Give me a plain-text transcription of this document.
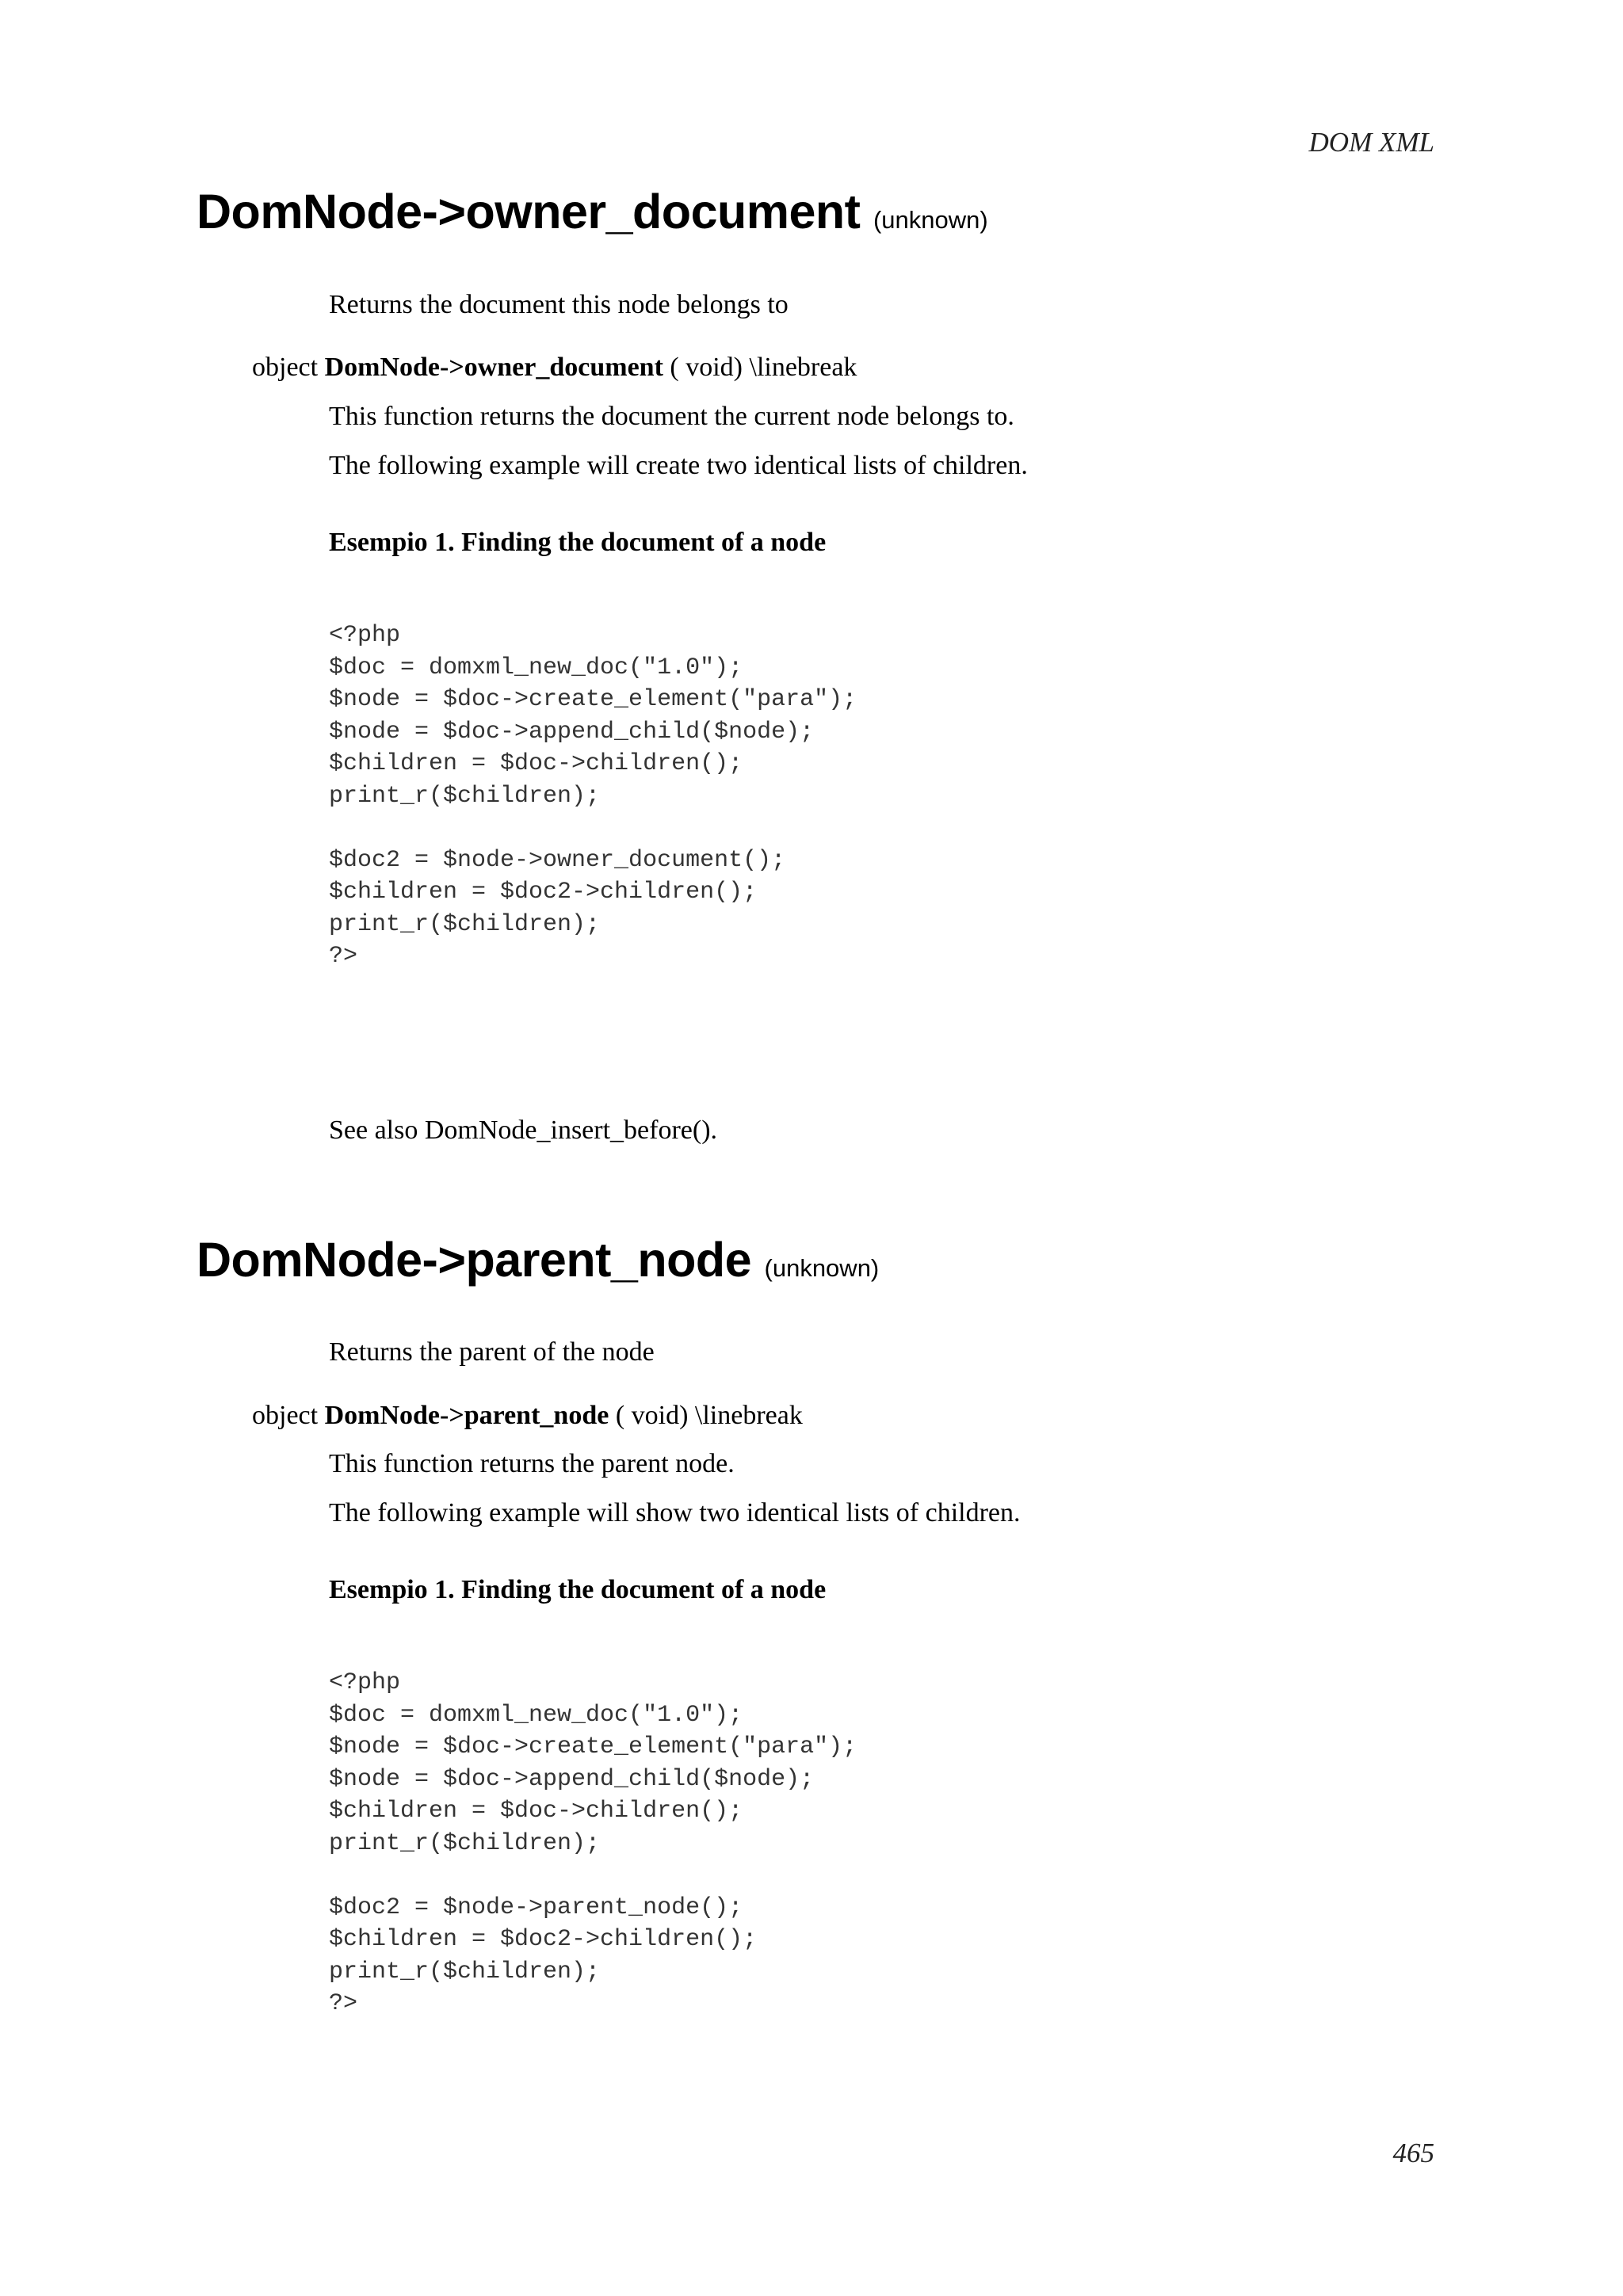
DOM XML
DomNode->owner_document (unknown)
Returns the document this node belongs to
object DomNode->owner_document ( void) \linebreak
This function returns the document the current node belongs to.
The following example will create two identical lists of children.
Esempio 1. Finding the document of a node
<?php
$doc = domxml_new_doc("1.0");
$node = $doc->create_element("para");
$node = $doc->append_child($node);
$children = $doc->children();
print_r($children);

$doc2 = $node->owner_document();
$children = $doc2->children();
print_r($children);
?>
See also DomNode_insert_before().
DomNode->parent_node (unknown)
Returns the parent of the node
object DomNode->parent_node ( void) \linebreak
This function returns the parent node.
The following example will show two identical lists of children.
Esempio 1. Finding the document of a node
<?php
$doc = domxml_new_doc("1.0");
$node = $doc->create_element("para");
$node = $doc->append_child($node);
$children = $doc->children();
print_r($children);

$doc2 = $node->parent_node();
$children = $doc2->children();
print_r($children);
?>
465
